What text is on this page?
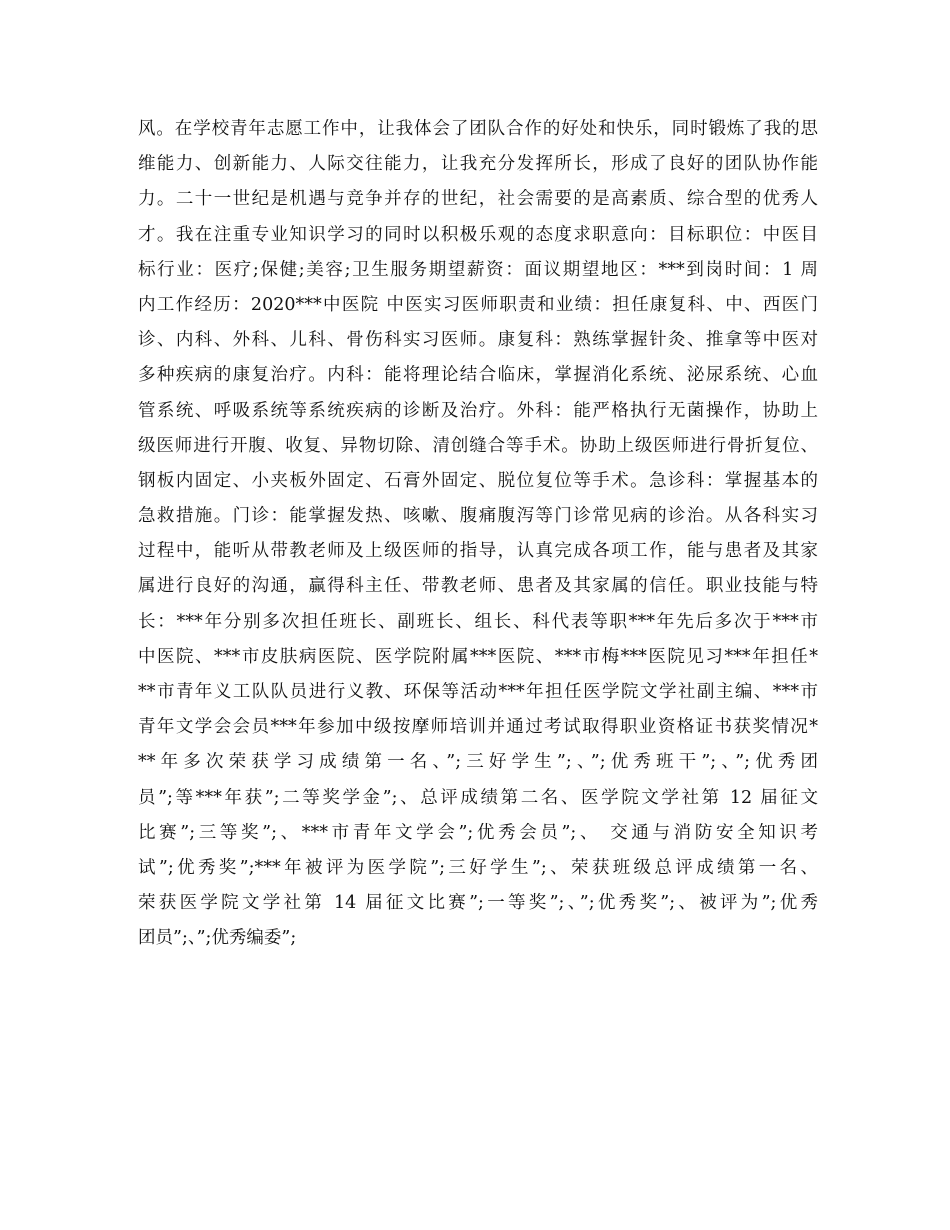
风。在学校青年志愿工作中，让我体会了团队合作的好处和快乐，同时锻炼了我的思
维能力、创新能力、人际交往能力，让我充分发挥所长，形成了良好的团队协作能
力。二十一世纪是机遇与竞争并存的世纪，社会需要的是高素质、综合型的优秀人
才。我在注重专业知识学习的同时以积极乐观的态度求职意向：目标职位：中医目
标行业：医疗;保健;美容;卫生服务期望薪资：面议期望地区：***到岗时间：1 周
内工作经历：2020***中医院 中医实习医师职责和业绩：担任康复科、中、西医门
诊、内科、外科、儿科、骨伤科实习医师。康复科：熟练掌握针灸、推拿等中医对
多种疾病的康复治疗。内科：能将理论结合临床，掌握消化系统、泌尿系统、心血
管系统、呼吸系统等系统疾病的诊断及治疗。外科：能严格执行无菌操作，协助上
级医师进行开腹、收复、异物切除、清创缝合等手术。协助上级医师进行骨折复位、
钢板内固定、小夹板外固定、石膏外固定、脱位复位等手术。急诊科：掌握基本的
急救措施。门诊：能掌握发热、咳嗽、腹痛腹泻等门诊常见病的诊治。从各科实习
过程中，能听从带教老师及上级医师的指导，认真完成各项工作，能与患者及其家
属进行良好的沟通，赢得科主任、带教老师、患者及其家属的信任。职业技能与特
长：***年分别多次担任班长、副班长、组长、科代表等职***年先后多次于***市
中医院、***市皮肤病医院、医学院附属***医院、***市梅***医院见习***年担任*
**市青年义工队队员进行义教、环保等活动***年担任医学院文学社副主编、***市
青年文学会会员***年参加中级按摩师培训并通过考试取得职业资格证书获奖情况*
**年多次荣获学习成绩第一名、”;三好学生”;、”;优秀班干”;、”;优秀团
员”;等***年获”;二等奖学金”;、总评成绩第二名、医学院文学社第 12 届征文
比赛”;三等奖”;、***市青年文学会”;优秀会员”;、 交通与消防安全知识考
试”;优秀奖”;***年被评为医学院”;三好学生”;、荣获班级总评成绩第一名、
荣获医学院文学社第 14 届征文比赛”;一等奖”;、”;优秀奖”;、被评为”;优秀
团员”;、”;优秀编委”;
